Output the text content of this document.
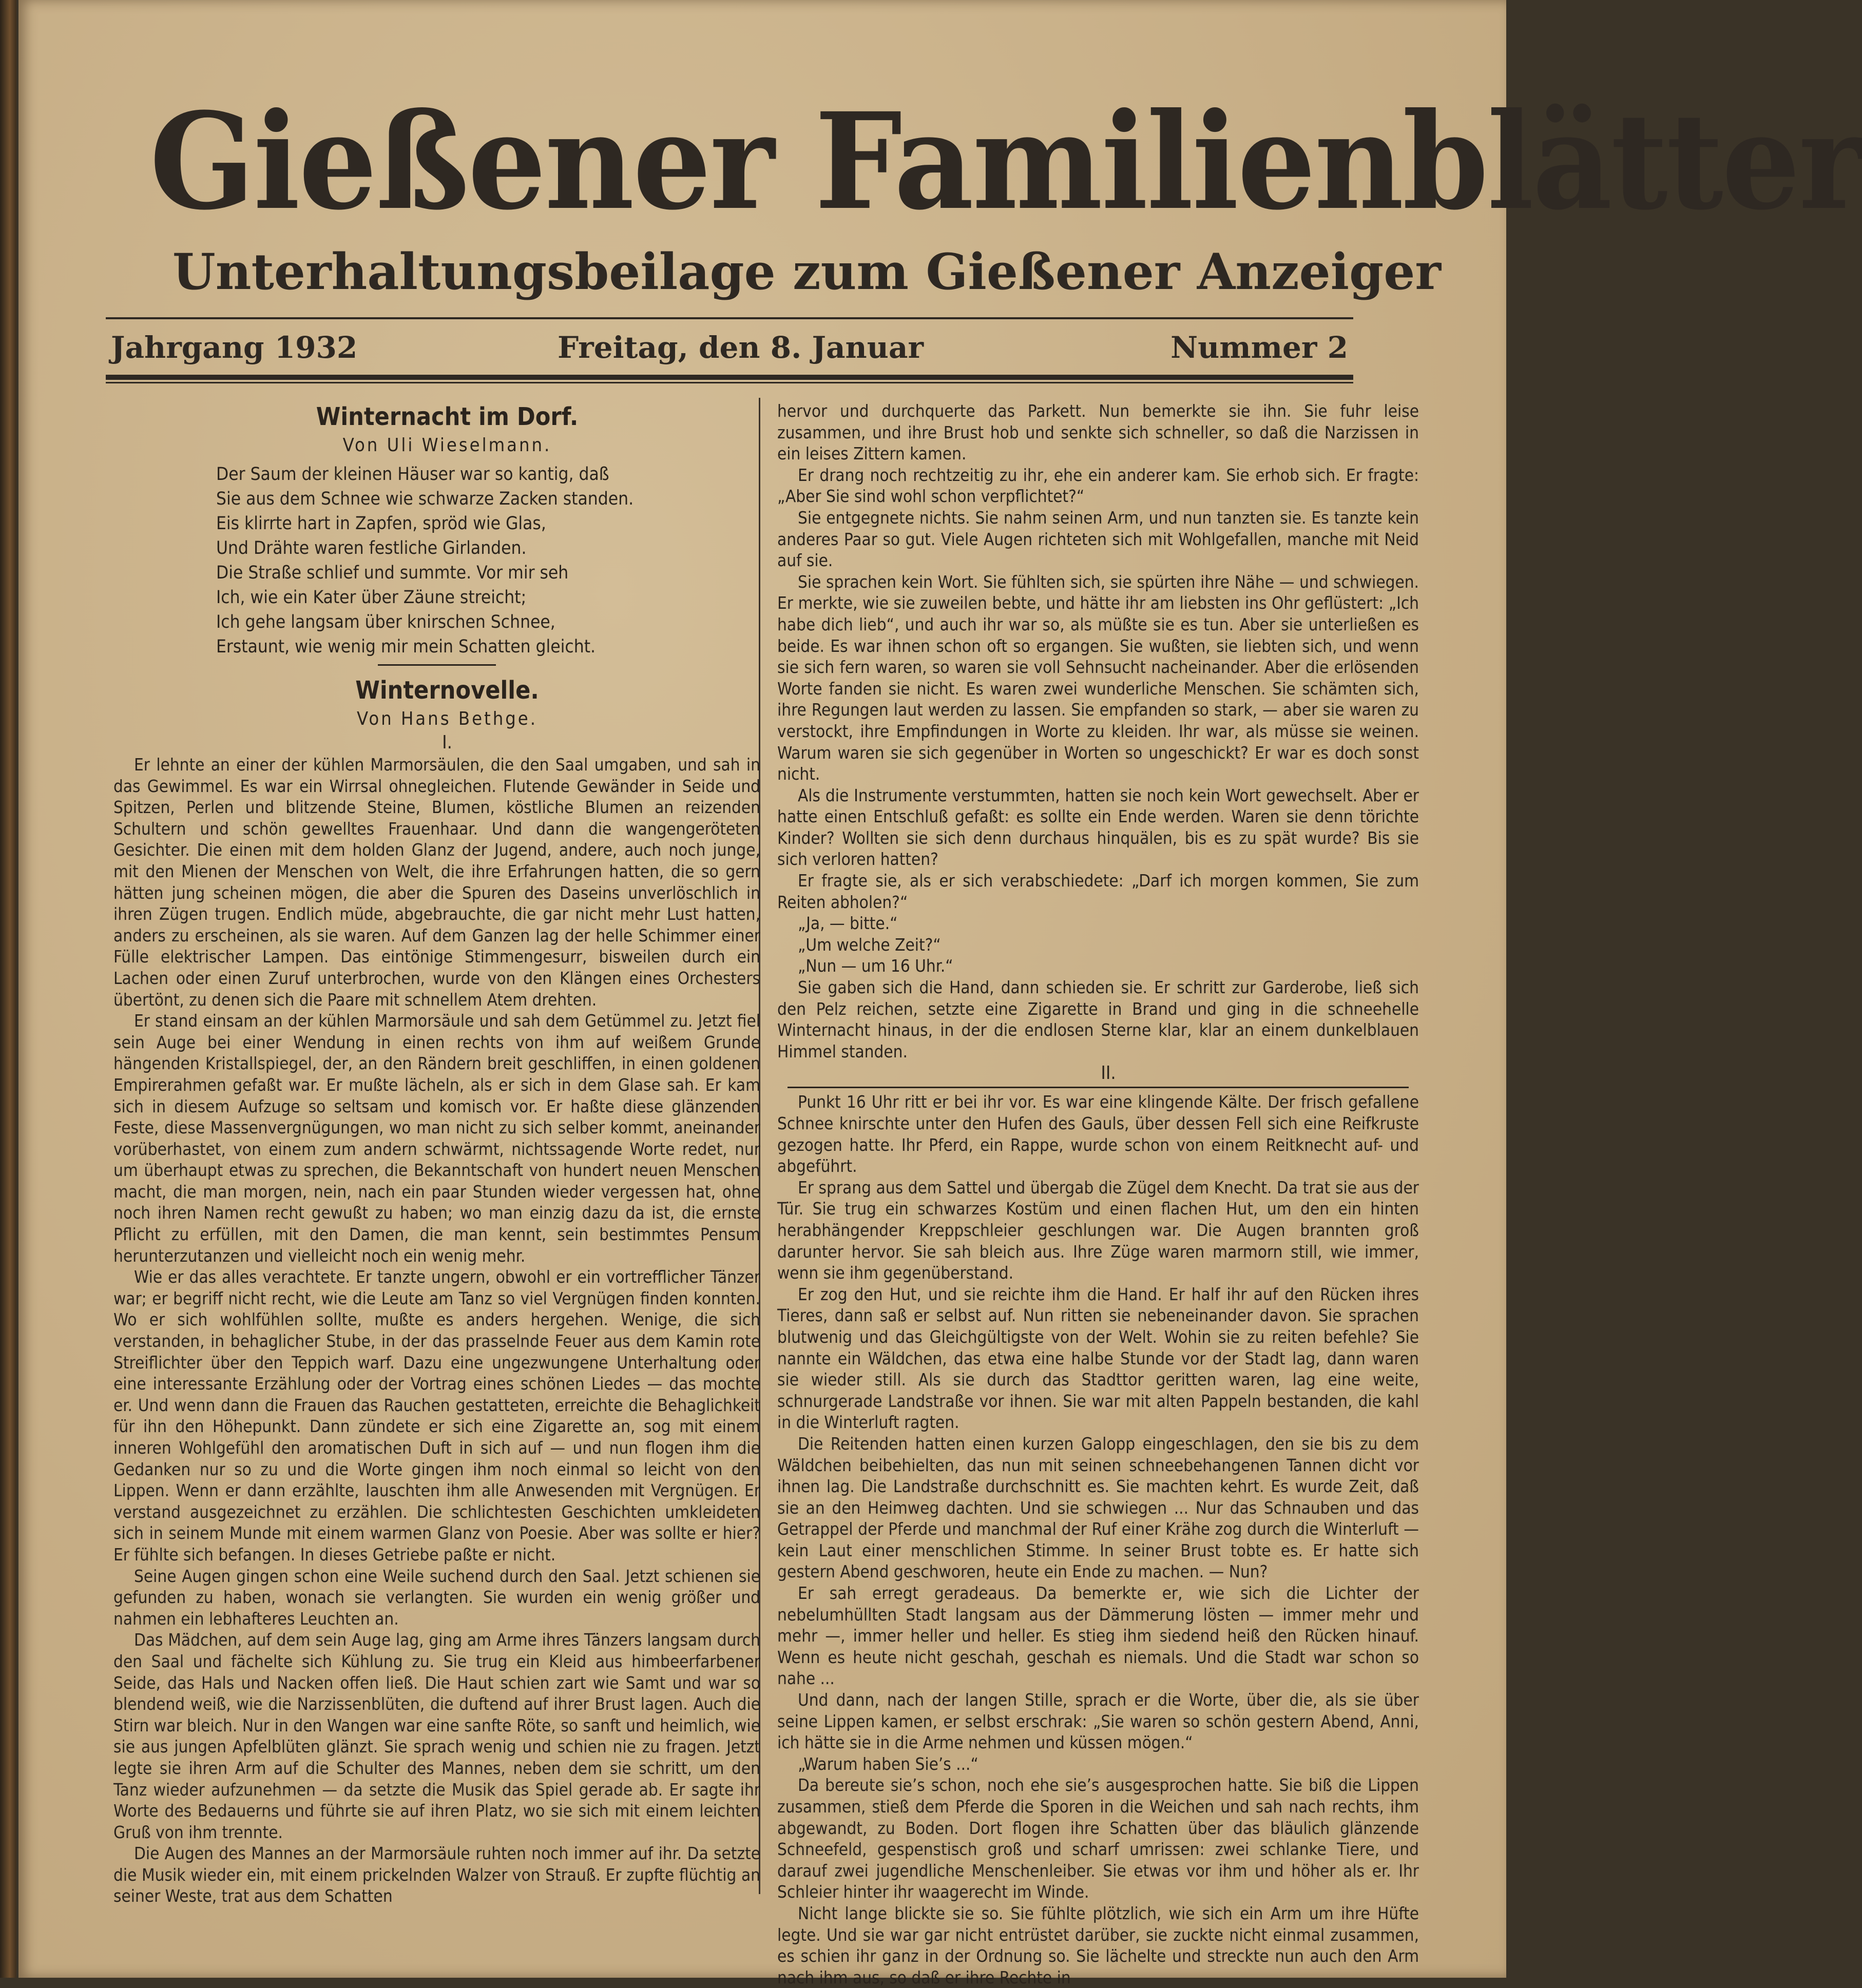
Gießener Familienblätter
Unterhaltungsbeilage zum Gießener Anzeiger
Jahrgang 1932	Freitag, den 8. Januar	Nummer 2

Winternacht im Dorf.

Von Uli Wieselmann.

Der Saum der kleinen Häuser war so kantig, daß
Sie aus dem Schnee wie schwarze Zacken standen.
Eis klirrte hart in Zapfen, spröd wie Glas,
Und Drähte waren festliche Girlanden.
Die Straße schlief und summte. Vor mir seh
Ich, wie ein Kater über Zäune streicht;
Ich gehe langsam über knirschen Schnee,
Erstaunt, wie wenig mir mein Schatten gleicht.

Winternovelle.

Von Hans Bethge.

I.

Er lehnte an einer der kühlen Marmorsäulen, die den Saal umgaben, und sah in das Gewimmel. Es war ein Wirrsal ohnegleichen. Flutende Gewänder in Seide und Spitzen, Perlen und blitzende Steine, Blumen, köstliche Blumen an reizenden Schultern und schön gewelltes Frauenhaar. Und dann die wangengeröteten Gesichter. Die einen mit dem holden Glanz der Jugend, andere, auch noch junge, mit den Mienen der Menschen von Welt, die ihre Erfahrungen hatten, die so gern hätten jung scheinen mögen, die aber die Spuren des Daseins unverlöschlich in ihren Zügen trugen. Endlich müde, abgebrauchte, die gar nicht mehr Lust hatten, anders zu erscheinen, als sie waren. Auf dem Ganzen lag der helle Schimmer einer Fülle elektrischer Lampen. Das eintönige Stimmengesurr, bisweilen durch ein Lachen oder einen Zuruf unterbrochen, wurde von den Klängen eines Orchesters übertönt, zu denen sich die Paare mit schnellem Atem drehten.

Er stand einsam an der kühlen Marmorsäule und sah dem Getümmel zu. Jetzt fiel sein Auge bei einer Wendung in einen rechts von ihm auf weißem Grunde hängenden Kristallspiegel, der, an den Rändern breit geschliffen, in einen goldenen Empirerahmen gefaßt war. Er mußte lächeln, als er sich in dem Glase sah. Er kam sich in diesem Aufzuge so seltsam und komisch vor. Er haßte diese glänzenden Feste, diese Massenvergnügungen, wo man nicht zu sich selber kommt, aneinander vorüberhastet, von einem zum andern schwärmt, nichtssagende Worte redet, nur um überhaupt etwas zu sprechen, die Bekanntschaft von hundert neuen Menschen macht, die man morgen, nein, nach ein paar Stunden wieder vergessen hat, ohne noch ihren Namen recht gewußt zu haben; wo man einzig dazu da ist, die ernste Pflicht zu erfüllen, mit den Damen, die man kennt, sein bestimmtes Pensum herunterzutanzen und vielleicht noch ein wenig mehr.

Wie er das alles verachtete. Er tanzte ungern, obwohl er ein vortrefflicher Tänzer war; er begriff nicht recht, wie die Leute am Tanz so viel Vergnügen finden konnten. Wo er sich wohlfühlen sollte, mußte es anders hergehen. Wenige, die sich verstanden, in behaglicher Stube, in der das prasselnde Feuer aus dem Kamin rote Streiflichter über den Teppich warf. Dazu eine ungezwungene Unterhaltung oder eine interessante Erzählung oder der Vortrag eines schönen Liedes — das mochte er. Und wenn dann die Frauen das Rauchen gestatteten, erreichte die Behaglichkeit für ihn den Höhepunkt. Dann zündete er sich eine Zigarette an, sog mit einem inneren Wohlgefühl den aromatischen Duft in sich auf — und nun flogen ihm die Gedanken nur so zu und die Worte gingen ihm noch einmal so leicht von den Lippen. Wenn er dann erzählte, lauschten ihm alle Anwesenden mit Vergnügen. Er verstand ausgezeichnet zu erzählen. Die schlichtesten Geschichten umkleideten sich in seinem Munde mit einem warmen Glanz von Poesie. Aber was sollte er hier? Er fühlte sich befangen. In dieses Getriebe paßte er nicht.

Seine Augen gingen schon eine Weile suchend durch den Saal. Jetzt schienen sie gefunden zu haben, wonach sie verlangten. Sie wurden ein wenig größer und nahmen ein lebhafteres Leuchten an.

Das Mädchen, auf dem sein Auge lag, ging am Arme ihres Tänzers langsam durch den Saal und fächelte sich Kühlung zu. Sie trug ein Kleid aus himbeerfarbener Seide, das Hals und Nacken offen ließ. Die Haut schien zart wie Samt und war so blendend weiß, wie die Narzissenblüten, die duftend auf ihrer Brust lagen. Auch die Stirn war bleich. Nur in den Wangen war eine sanfte Röte, so sanft und heimlich, wie sie aus jungen Apfelblüten glänzt. Sie sprach wenig und schien nie zu fragen. Jetzt legte sie ihren Arm auf die Schulter des Mannes, neben dem sie schritt, um den Tanz wieder aufzunehmen — da setzte die Musik das Spiel gerade ab. Er sagte ihr Worte des Bedauerns und führte sie auf ihren Platz, wo sie sich mit einem leichten Gruß von ihm trennte.

Die Augen des Mannes an der Marmorsäule ruhten noch immer auf ihr. Da setzte die Musik wieder ein, mit einem prickelnden Walzer von Strauß. Er zupfte flüchtig an seiner Weste, trat aus dem Schatten

hervor und durchquerte das Parkett. Nun bemerkte sie ihn. Sie fuhr leise zusammen, und ihre Brust hob und senkte sich schneller, so daß die Narzissen in ein leises Zittern kamen.

Er drang noch rechtzeitig zu ihr, ehe ein anderer kam. Sie erhob sich. Er fragte: „Aber Sie sind wohl schon verpflichtet?“

Sie entgegnete nichts. Sie nahm seinen Arm, und nun tanzten sie. Es tanzte kein anderes Paar so gut. Viele Augen richteten sich mit Wohlgefallen, manche mit Neid auf sie.

Sie sprachen kein Wort. Sie fühlten sich, sie spürten ihre Nähe — und schwiegen. Er merkte, wie sie zuweilen bebte, und hätte ihr am liebsten ins Ohr geflüstert: „Ich habe dich lieb“, und auch ihr war so, als müßte sie es tun. Aber sie unterließen es beide. Es war ihnen schon oft so ergangen. Sie wußten, sie liebten sich, und wenn sie sich fern waren, so waren sie voll Sehnsucht nacheinander. Aber die erlösenden Worte fanden sie nicht. Es waren zwei wunderliche Menschen. Sie schämten sich, ihre Regungen laut werden zu lassen. Sie empfanden so stark, — aber sie waren zu verstockt, ihre Empfindungen in Worte zu kleiden. Ihr war, als müsse sie weinen. Warum waren sie sich gegenüber in Worten so ungeschickt? Er war es doch sonst nicht.

Als die Instrumente verstummten, hatten sie noch kein Wort gewechselt. Aber er hatte einen Entschluß gefaßt: es sollte ein Ende werden. Waren sie denn törichte Kinder? Wollten sie sich denn durchaus hinquälen, bis es zu spät wurde? Bis sie sich verloren hatten?

Er fragte sie, als er sich verabschiedete: „Darf ich morgen kommen, Sie zum Reiten abholen?“

„Ja, — bitte.“

„Um welche Zeit?“

„Nun — um 16 Uhr.“

Sie gaben sich die Hand, dann schieden sie. Er schritt zur Garderobe, ließ sich den Pelz reichen, setzte eine Zigarette in Brand und ging in die schneehelle Winternacht hinaus, in der die endlosen Sterne klar, klar an einem dunkelblauen Himmel standen.

II.

Punkt 16 Uhr ritt er bei ihr vor. Es war eine klingende Kälte. Der frisch gefallene Schnee knirschte unter den Hufen des Gauls, über dessen Fell sich eine Reifkruste gezogen hatte. Ihr Pferd, ein Rappe, wurde schon von einem Reitknecht auf- und abgeführt.

Er sprang aus dem Sattel und übergab die Zügel dem Knecht. Da trat sie aus der Tür. Sie trug ein schwarzes Kostüm und einen flachen Hut, um den ein hinten herabhängender Kreppschleier geschlungen war. Die Augen brannten groß darunter hervor. Sie sah bleich aus. Ihre Züge waren marmorn still, wie immer, wenn sie ihm gegenüberstand.

Er zog den Hut, und sie reichte ihm die Hand. Er half ihr auf den Rücken ihres Tieres, dann saß er selbst auf. Nun ritten sie nebeneinander davon. Sie sprachen blutwenig und das Gleichgültigste von der Welt. Wohin sie zu reiten befehle? Sie nannte ein Wäldchen, das etwa eine halbe Stunde vor der Stadt lag, dann waren sie wieder still. Als sie durch das Stadttor geritten waren, lag eine weite, schnurgerade Landstraße vor ihnen. Sie war mit alten Pappeln bestanden, die kahl in die Winterluft ragten.

Die Reitenden hatten einen kurzen Galopp eingeschlagen, den sie bis zu dem Wäldchen beibehielten, das nun mit seinen schneebehangenen Tannen dicht vor ihnen lag. Die Landstraße durchschnitt es. Sie machten kehrt. Es wurde Zeit, daß sie an den Heimweg dachten. Und sie schwiegen ... Nur das Schnauben und das Getrappel der Pferde und manchmal der Ruf einer Krähe zog durch die Winterluft — kein Laut einer menschlichen Stimme. In seiner Brust tobte es. Er hatte sich gestern Abend geschworen, heute ein Ende zu machen. — Nun?

Er sah erregt geradeaus. Da bemerkte er, wie sich die Lichter der nebelumhüllten Stadt langsam aus der Dämmerung lösten — immer mehr und mehr —, immer heller und heller. Es stieg ihm siedend heiß den Rücken hinauf. Wenn es heute nicht geschah, geschah es niemals. Und die Stadt war schon so nahe ...

Und dann, nach der langen Stille, sprach er die Worte, über die, als sie über seine Lippen kamen, er selbst erschrak: „Sie waren so schön gestern Abend, Anni, ich hätte sie in die Arme nehmen und küssen mögen.“

„Warum haben Sie’s ...“

Da bereute sie’s schon, noch ehe sie’s ausgesprochen hatte. Sie biß die Lippen zusammen, stieß dem Pferde die Sporen in die Weichen und sah nach rechts, ihm abgewandt, zu Boden. Dort flogen ihre Schatten über das bläulich glänzende Schneefeld, gespenstisch groß und scharf umrissen: zwei schlanke Tiere, und darauf zwei jugendliche Menschenleiber. Sie etwas vor ihm und höher als er. Ihr Schleier hinter ihr waagerecht im Winde.

Nicht lange blickte sie so. Sie fühlte plötzlich, wie sich ein Arm um ihre Hüfte legte. Und sie war gar nicht entrüstet darüber, sie zuckte nicht einmal zusammen, es schien ihr ganz in der Ordnung so. Sie lächelte und streckte nun auch den Arm nach ihm aus, so daß er ihre Rechte in
